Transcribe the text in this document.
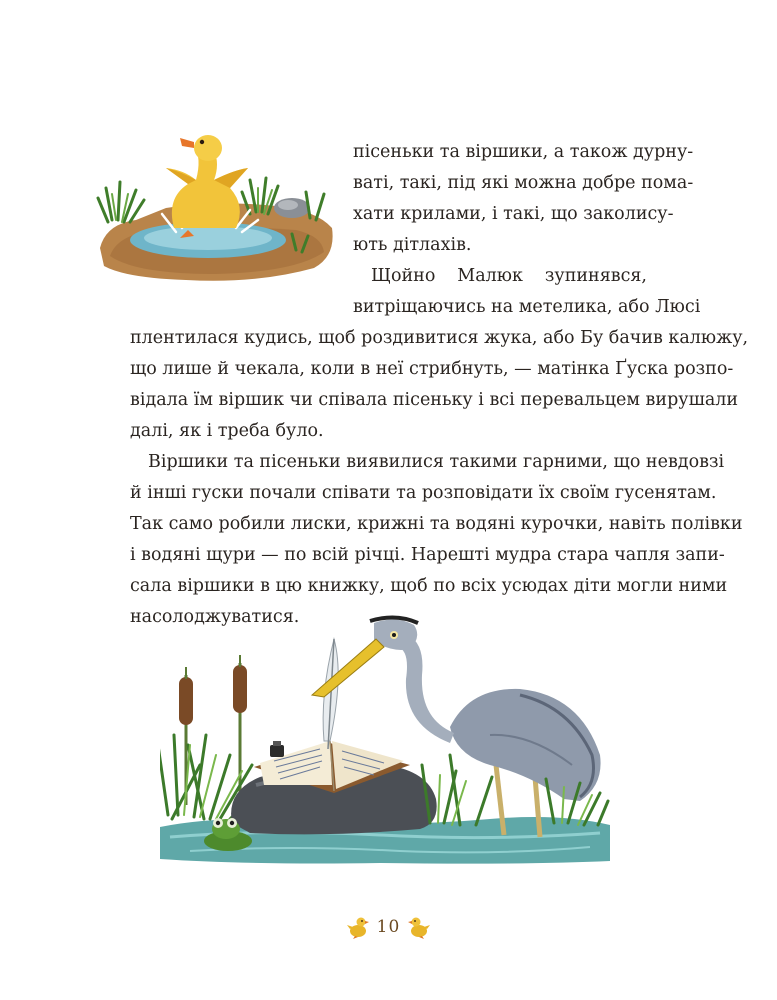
пісеньки та віршики, а також дурну-
ваті, такі, під які можна добре пома-
хати крилами, і такі, що заколису-
ють дітлахів.
Щойно Малюк зупинявся,
витріщаючись на метелика, або Люсі
плентилася кудись, щоб роздивитися жука, або Бу бачив калюжу,
що лише й чекала, коли в неї стрибнуть, — матінка Ґуска розпо-
відала їм віршик чи співала пісеньку і всі перевальцем вирушали
далі, як і треба було.
Віршики та пісеньки виявилися такими гарними, що невдовзі
й інші гуски почали співати та розповідати їх своїм гусенятам.
Так само робили лиски, крижні та водяні курочки, навіть полівки
і водяні щури — по всій річці. Нарешті мудра стара чапля запи-
сала віршики в цю книжку, щоб по всіх усюдах діти могли ними
насолоджуватися.
10
